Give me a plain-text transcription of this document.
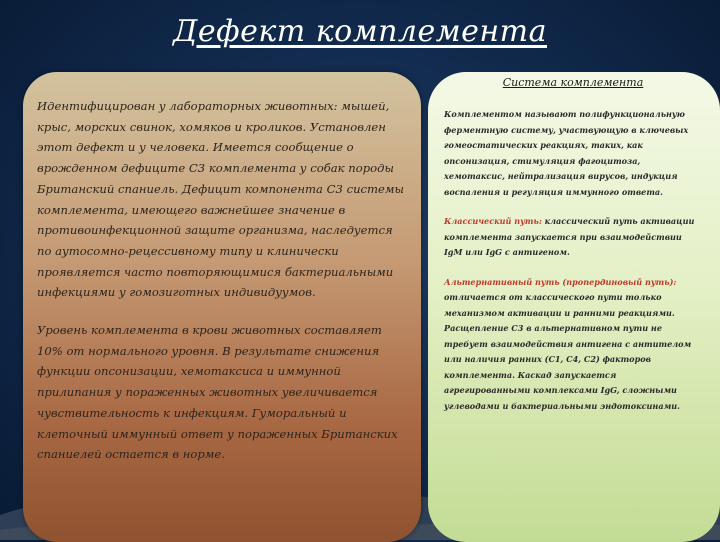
Дефект комплемента

Идентифицирован у лабораторных животных: мышей, крыс, морских свинок, хомяков и кроликов. Установлен этот дефект и у человека. Имеется сообщение о врожденном дефиците С3 комплемента у собак породы Британский спаниель. Дефицит компонента С3 системы комплемента, имеющего важнейшее значение в противоинфекционной защите организма, наследуется по аутосомно-рецессивному типу и клинически проявляется часто повторяющимися бактериальными инфекциями у гомозиготных индивидуумов.

Уровень комплемента в крови животных составляет 10% от нормального уровня. В результате снижения функции опсонизации, хемотаксиса и иммунной прилипания у пораженных животных увеличивается чувствительность к инфекциям. Гуморальный и клеточный иммунный ответ у пораженных Британских спаниелей остается в норме.

Система комплемента

Комплементом называют полифункциональную ферментную систему, участвующую в ключевых гомеостатических реакциях, таких, как опсонизация, стимуляция фагоцитоза, хемотаксис, нейтрализация вирусов, индукция воспаления и регуляция иммунного ответа.

Классический путь: классический путь активации комплемента запускается при взаимодействии IgM или IgG с антигеном.

Альтернативный путь (пропердиновый путь): отличается от классического пути только механизмом активации и ранними реакциями. Расщепление С3 в альтернативном пути не требует взаимодействия антигена с антителом или наличия ранних (С1, С4, С2) факторов комплемента. Каскад запускается агрегированными комплексами IgG, сложными углеводами и бактериальными эндотоксинами.
